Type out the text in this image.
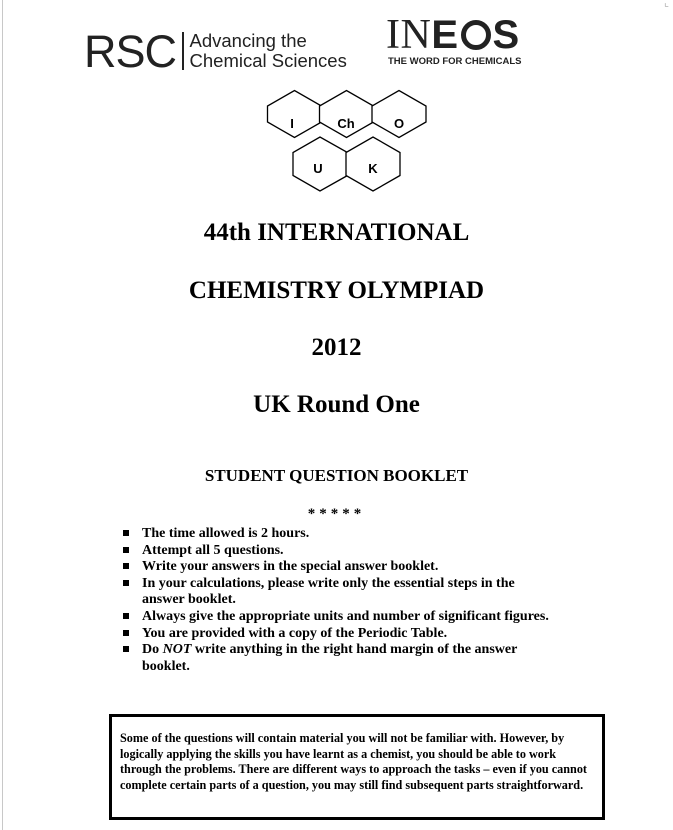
∟
RSC Advancing the
Chemical Sciences
I N E S
THE WORD FOR CHEMICALS
I	Ch	O
U	K
44th INTERNATIONAL
CHEMISTRY OLYMPIAD
2012
UK Round One
STUDENT QUESTION BOOKLET
*****
The time allowed is 2 hours.
Attempt all 5 questions.
Write your answers in the special answer booklet.
In your calculations, please write only the essential steps in the answer booklet.
Always give the appropriate units and number of significant figures.
You are provided with a copy of the Periodic Table.
Do NOT write anything in the right hand margin of the answer booklet.

Some of the questions will contain material you will not be familiar with. However, by logically applying the skills you have learnt as a chemist, you should be able to work through the problems. There are different ways to approach the tasks – even if you cannot complete certain parts of a question, you may still find subsequent parts straightforward.
